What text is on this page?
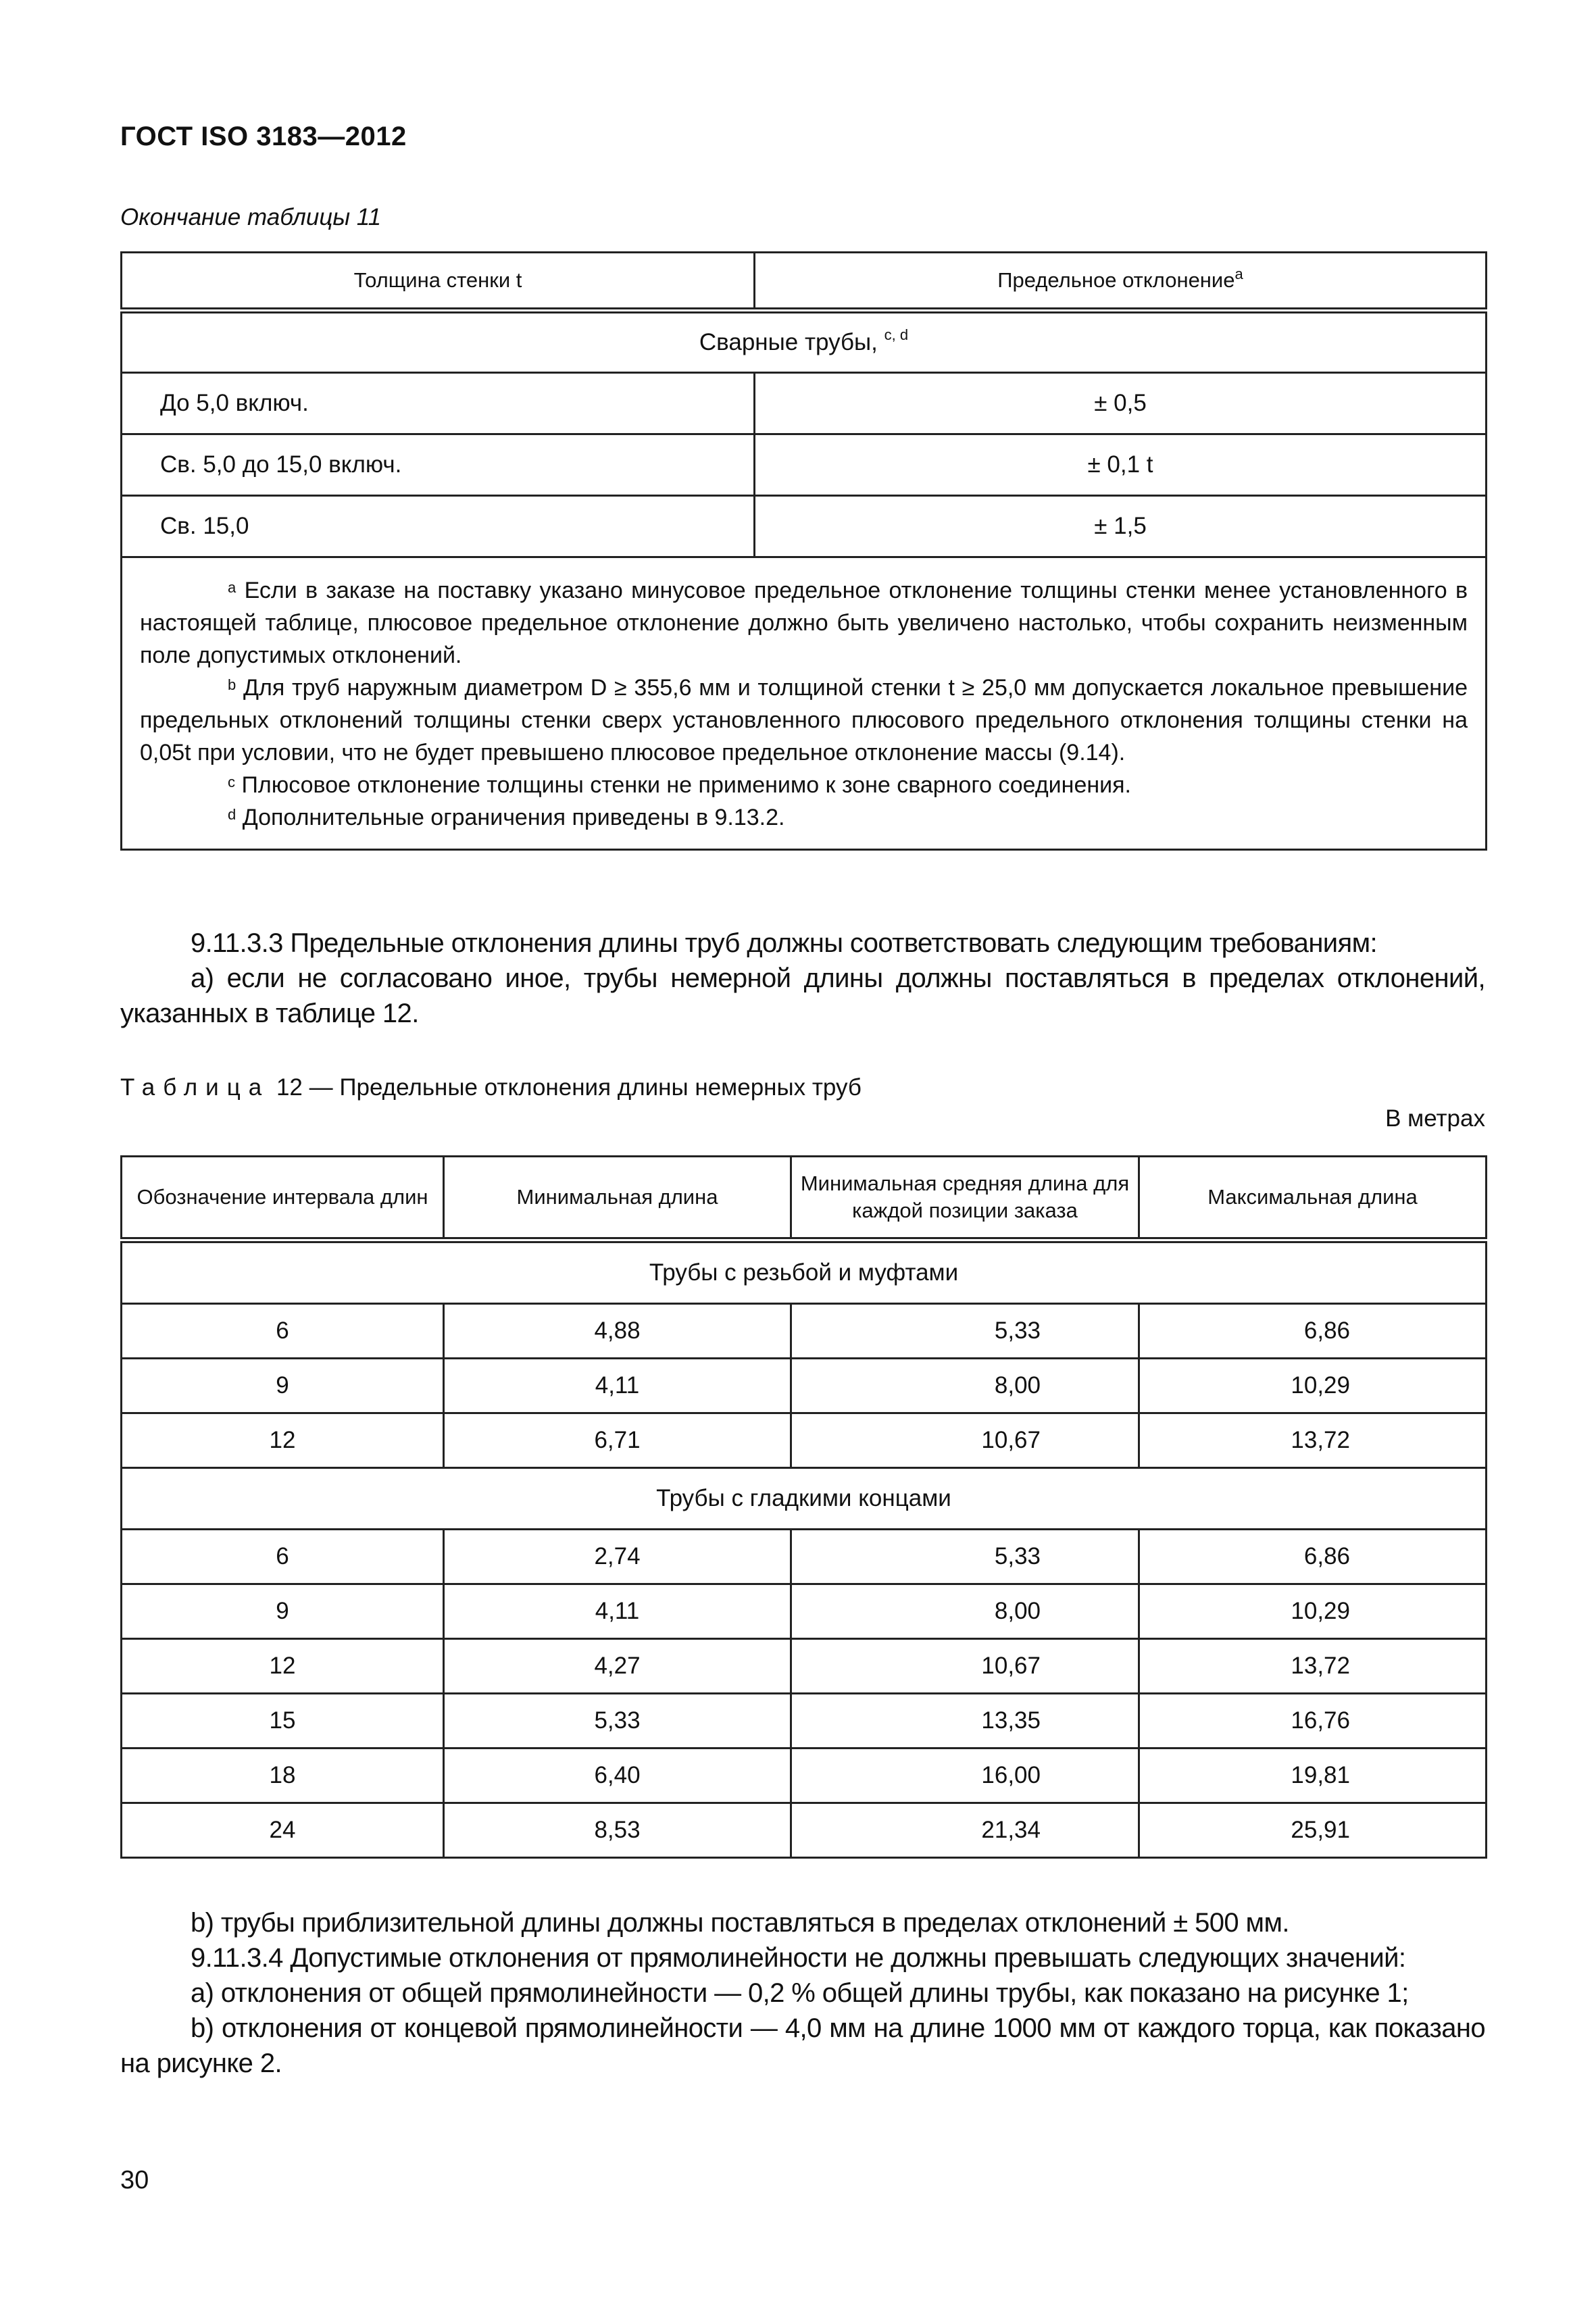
ГОСТ ISO 3183—2012
Окончание таблицы 11
Толщина стенки t	Предельное отклонение$^a$
Сварные трубы, $^{c, d}$
До 5,0 включ.	± 0,5
Св. 5,0 до 15,0 включ.	± 0,1 t
Св. 15,0	± 1,5

$^a$ Если в заказе на поставку указано минусовое предельное отклонение толщины стенки менее установленного в настоящей таблице, плюсовое предельное отклонение должно быть увеличено настолько, чтобы сохранить неизменным поле допустимых отклонений.

$^b$ Для труб наружным диаметром D ≥ 355,6 мм и толщиной стенки t ≥ 25,0 мм допускается локальное превышение предельных отклонений толщины стенки сверх установленного плюсового предельного отклонения толщины стенки на 0,05t при условии, что не будет превышено плюсовое предельное отклонение массы (9.14).

$^c$ Плюсовое отклонение толщины стенки не применимо к зоне сварного соединения.

$^d$ Дополнительные ограничения приведены в 9.13.2.	

9.11.3.3 Предельные отклонения длины труб должны соответствовать следующим требованиям:

a) если не согласовано иное, трубы немерной длины должны поставляться в пределах отклонений, указанных в таблице 12.

Таблица 12 — Предельные отклонения длины немерных труб
В метрах
Обозначение интервала длин	Минимальная длина	Минимальная средняя длина для каждой позиции заказа	Максимальная длина
Трубы с резьбой и муфтами			
6	4,88	5,33	6,86
9	4,11	8,00	10,29
12	6,71	10,67	13,72
Трубы с гладкими концами			
6	2,74	5,33	6,86
9	4,11	8,00	10,29
12	4,27	10,67	13,72
15	5,33	13,35	16,76
18	6,40	16,00	19,81
24	8,53	21,34	25,91

b) трубы приблизительной длины должны поставляться в пределах отклонений ± 500 мм.

9.11.3.4 Допустимые отклонения от прямолинейности не должны превышать следующих значений:

a) отклонения от общей прямолинейности — 0,2 % общей длины трубы, как показано на рисунке 1;

b) отклонения от концевой прямолинейности — 4,0 мм на длине 1000 мм от каждого торца, как показано на рисунке 2.

30
